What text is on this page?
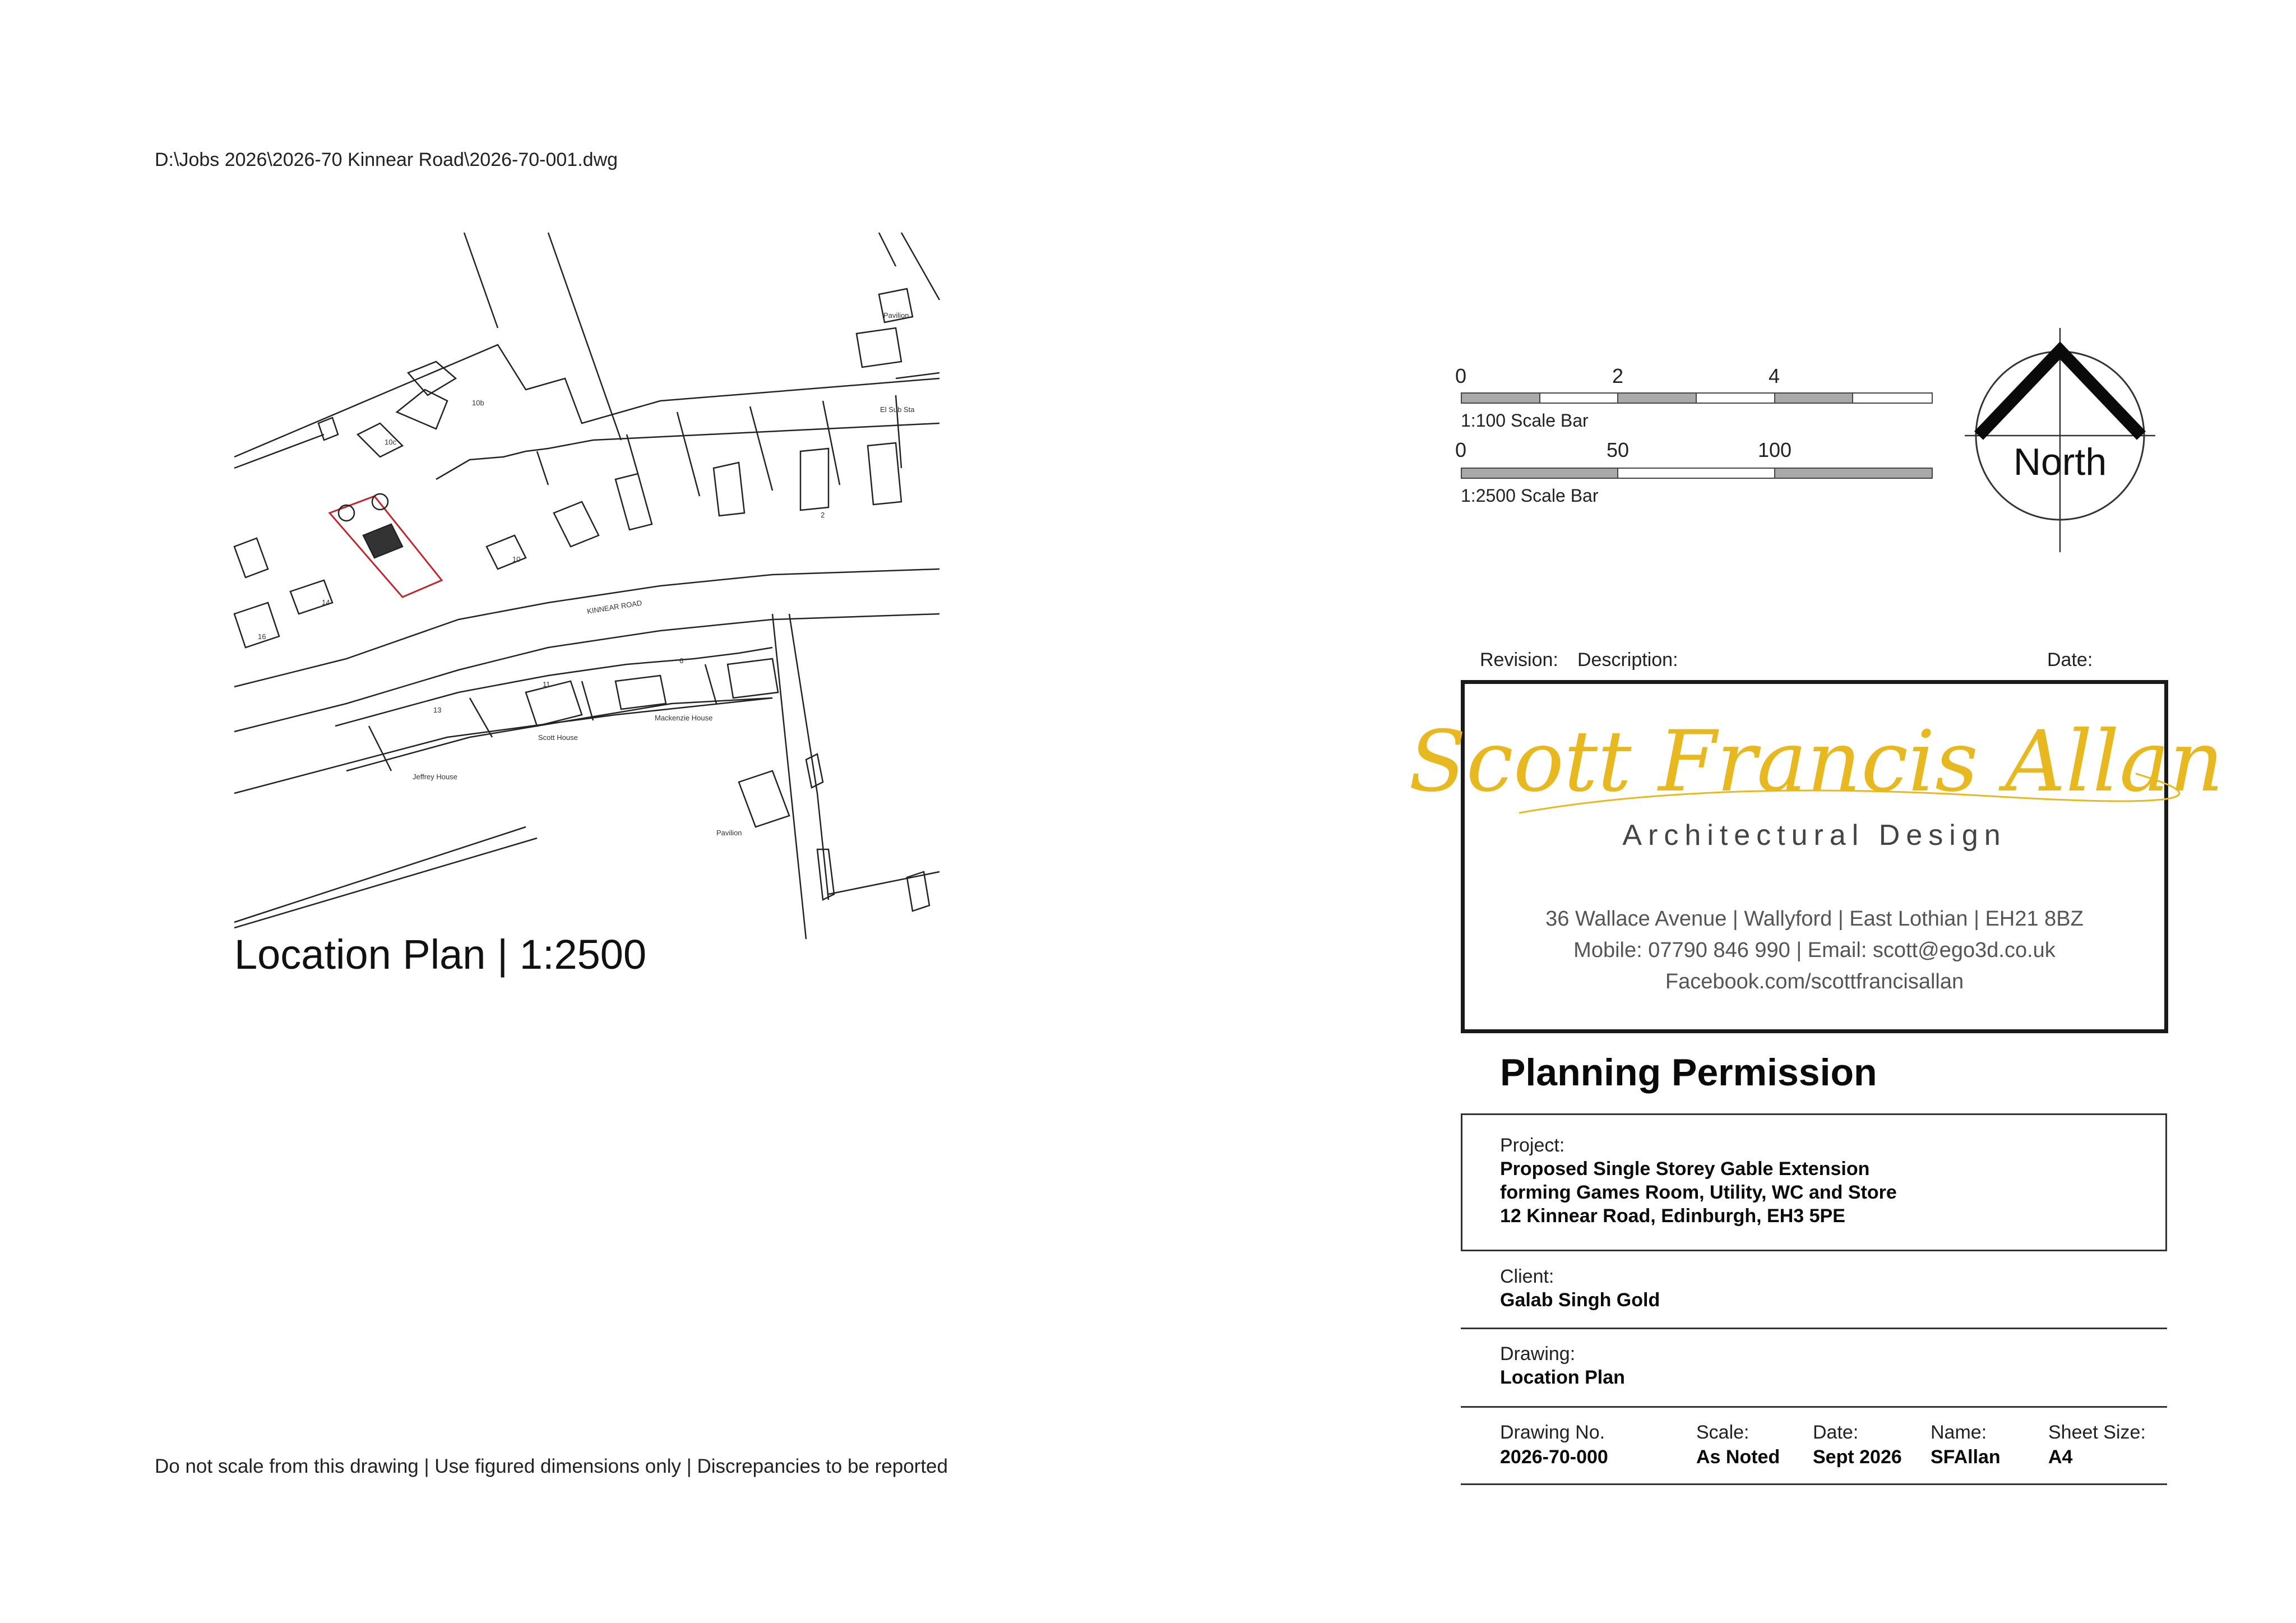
D:\Jobs 2026\2026-70 Kinnear Road\2026-70-001.dwg
Pavilion
El Sub Sta
10b
10c
14
16
10
2
KINNEAR ROAD
11
6
13
Scott House
Mackenzie House
Jeffrey House
Pavilion
Location Plan | 1:2500
0	2	4
1:100 Scale Bar
0	50	100
1:2500 Scale Bar
North
Revision: Description:	Date:
Scott Francis Allan
Architectural Design
36 Wallace Avenue | Wallyford | East Lothian | EH21 8BZ
Mobile: 07790 846 990 | Email: scott@ego3d.co.uk
Facebook.com/scottfrancisallan
Planning Permission
Project:
Proposed Single Storey Gable Extension
forming Games Room, Utility, WC and Store
12 Kinnear Road, Edinburgh, EH3 5PE
Client:
Galab Singh Gold
Drawing:
Location Plan
Drawing No.
2026-70-000
Scale:
As Noted
Date:
Sept 2026
Name:
SFAllan
Sheet Size:
A4
Do not scale from this drawing | Use figured dimensions only | Discrepancies to be reported
